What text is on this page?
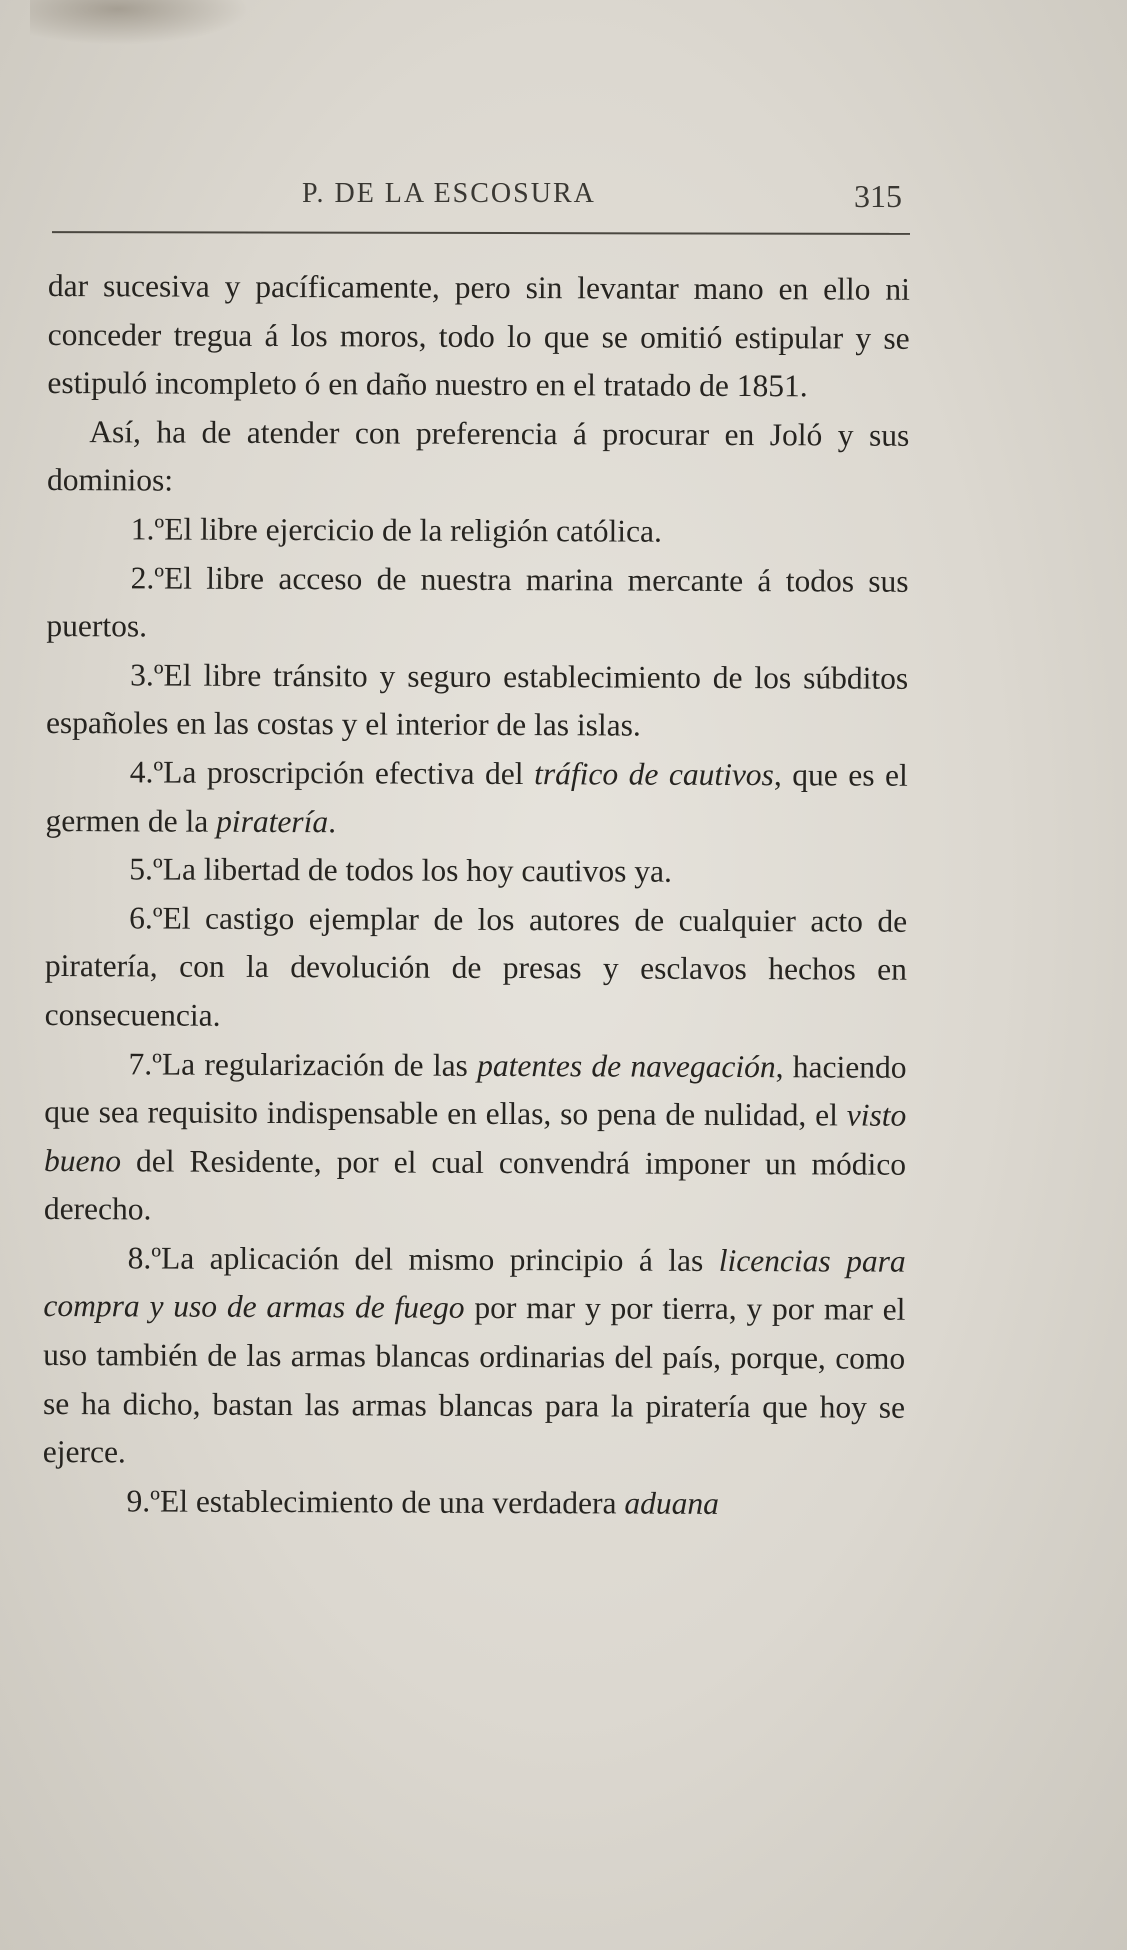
P. DE LA ESCOSURA	315

dar sucesiva y pacíficamente, pero sin levantar mano en ello ni conceder tregua á los moros, todo lo que se omitió estipular y se estipuló incompleto ó en daño nuestro en el tratado de 1851.

Así, ha de atender con preferencia á procurar en Joló y sus dominios:

1.ºEl libre ejercicio de la religión católica.

2.ºEl libre acceso de nuestra marina mercante á todos sus puertos.

3.ºEl libre tránsito y seguro establecimiento de los súbditos españoles en las costas y el interior de las islas.

4.ºLa proscripción efectiva del tráfico de cautivos, que es el germen de la piratería.

5.ºLa libertad de todos los hoy cautivos ya.

6.ºEl castigo ejemplar de los autores de cualquier acto de piratería, con la devolución de presas y esclavos hechos en consecuencia.

7.ºLa regularización de las patentes de navegación, haciendo que sea requisito indispensable en ellas, so pena de nulidad, el visto bueno del Residente, por el cual convendrá imponer un módico derecho.

8.ºLa aplicación del mismo principio á las licencias para compra y uso de armas de fuego por mar y por tierra, y por mar el uso también de las armas blancas ordinarias del país, porque, como se ha dicho, bastan las armas blancas para la piratería que hoy se ejerce.

9.ºEl establecimiento de una verdadera aduana
